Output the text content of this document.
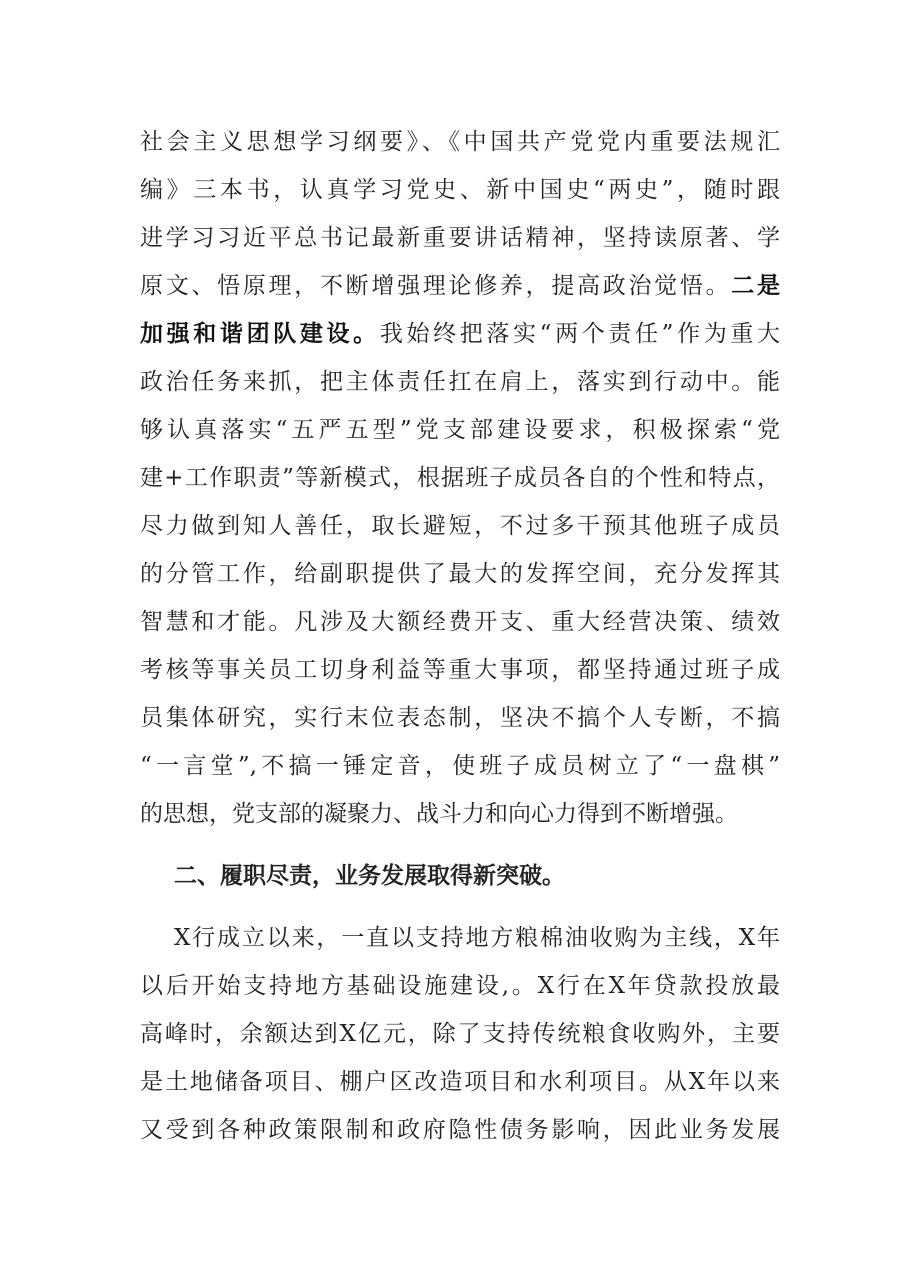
社会主义思想学习纲要》、《中国共产党党内重要法规汇
编》三本书，认真学习党史、新中国史“两史”，随时跟
进学习习近平总书记最新重要讲话精神，坚持读原著、学
原文、悟原理，不断增强理论修养，提高政治觉悟。二是
加强和谐团队建设。我始终把落实“两个责任”作为重大
政治任务来抓，把主体责任扛在肩上，落实到行动中。能
够认真落实“五严五型”党支部建设要求，积极探索“党
建+工作职责”等新模式，根据班子成员各自的个性和特点，
尽力做到知人善任，取长避短，不过多干预其他班子成员
的分管工作，给副职提供了最大的发挥空间，充分发挥其
智慧和才能。凡涉及大额经费开支、重大经营决策、绩效
考核等事关员工切身利益等重大事项，都坚持通过班子成
员集体研究，实行末位表态制，坚决不搞个人专断，不搞
“一言堂”,不搞一锤定音，使班子成员树立了“一盘棋”
的思想，党支部的凝聚力、战斗力和向心力得到不断增强。
二、履职尽责，业务发展取得新突破。
X行成立以来，一直以支持地方粮棉油收购为主线，X年
以后开始支持地方基础设施建设,。X行在X年贷款投放最
高峰时，余额达到X亿元，除了支持传统粮食收购外，主要
是土地储备项目、棚户区改造项目和水利项目。从X年以来
又受到各种政策限制和政府隐性债务影响，因此业务发展
